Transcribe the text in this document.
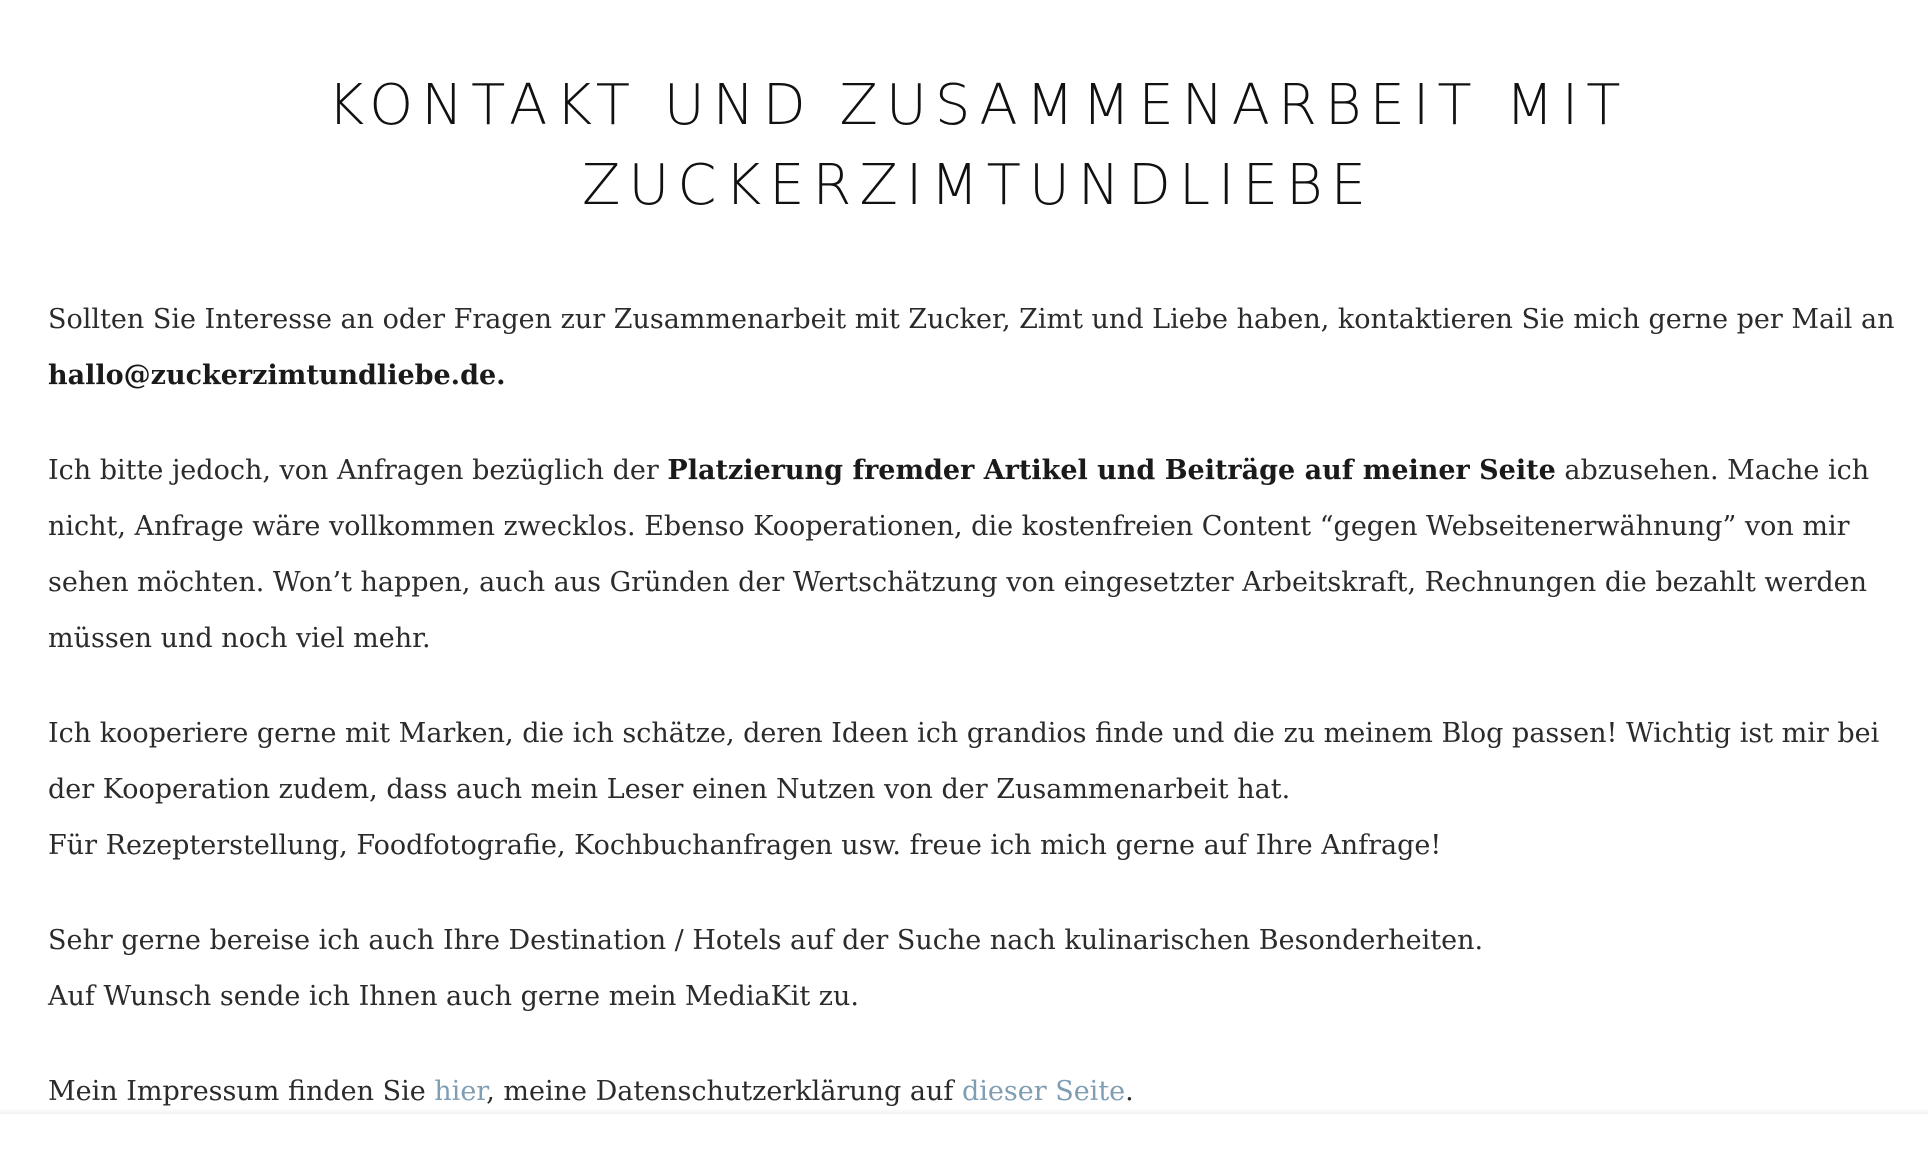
KONTAKT UND ZUSAMMENARBEIT MIT
ZUCKERZIMTUNDLIEBE

Sollten Sie Interesse an oder Fragen zur Zusammenarbeit mit Zucker, Zimt und Liebe haben, kontaktieren Sie mich gerne per Mail an
hallo@zuckerzimtundliebe.de.

Ich bitte jedoch, von Anfragen bezüglich der Platzierung fremder Artikel und Beiträge auf meiner Seite abzusehen. Mache ich nicht, Anfrage wäre vollkommen zwecklos. Ebenso Kooperationen, die kostenfreien Content “gegen Webseitenerwähnung” von mir sehen möchten. Won’t happen, auch aus Gründen der Wertschätzung von eingesetzter Arbeitskraft, Rechnungen die bezahlt werden müssen und noch viel mehr.

Ich kooperiere gerne mit Marken, die ich schätze, deren Ideen ich grandios finde und die zu meinem Blog passen! Wichtig ist mir bei der Kooperation zudem, dass auch mein Leser einen Nutzen von der Zusammenarbeit hat.
Für Rezepterstellung, Foodfotografie, Kochbuchanfragen usw. freue ich mich gerne auf Ihre Anfrage!

Sehr gerne bereise ich auch Ihre Destination / Hotels auf der Suche nach kulinarischen Besonderheiten.
Auf Wunsch sende ich Ihnen auch gerne mein MediaKit zu.

Mein Impressum finden Sie hier, meine Datenschutzerklärung auf dieser Seite.
